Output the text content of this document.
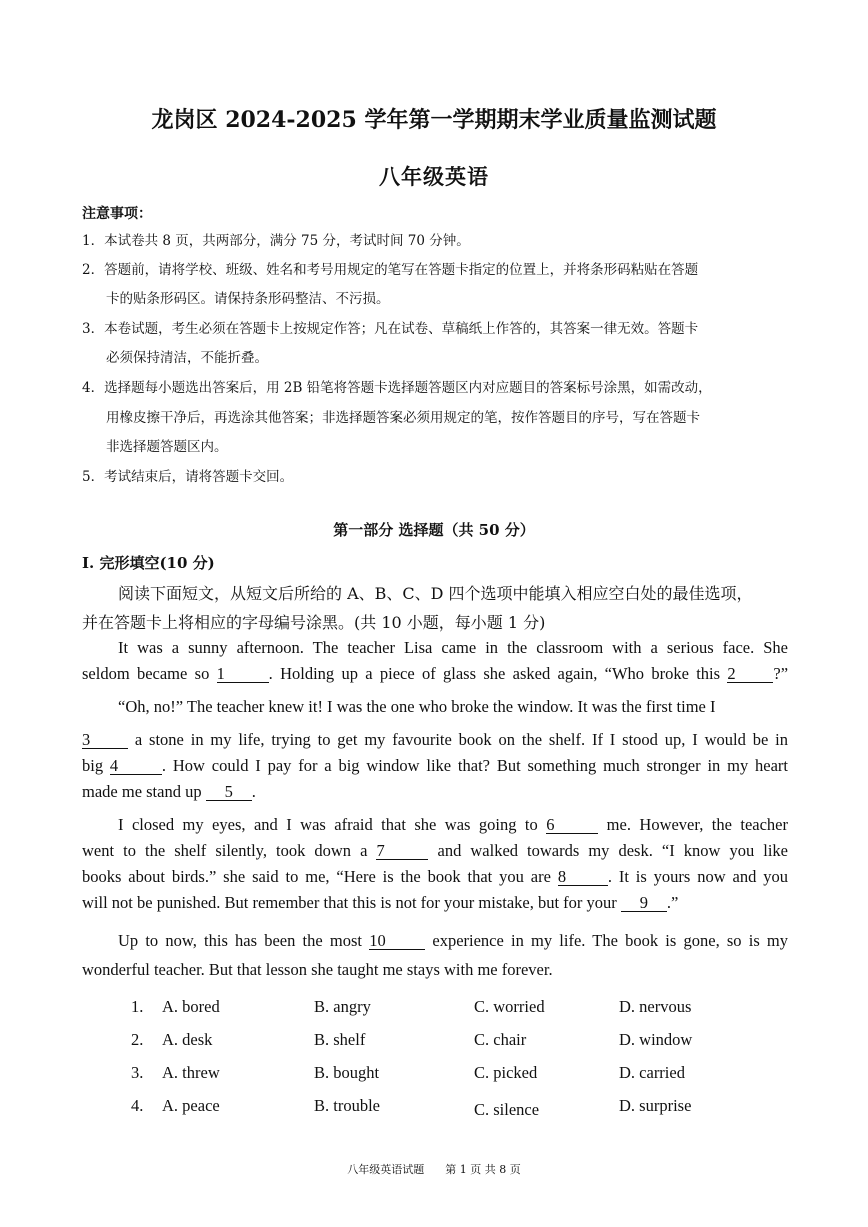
龙岗区 2024-2025 学年第一学期期末学业质量监测试题
八年级英语
注意事项：
1．本试卷共 8 页，共两部分，满分 75 分，考试时间 70 分钟。
2．答题前，请将学校、班级、姓名和考号用规定的笔写在答题卡指定的位置上，并将条形码粘贴在答题
卡的贴条形码区。请保持条形码整洁、不污损。
3．本卷试题，考生必须在答题卡上按规定作答；凡在试卷、草稿纸上作答的，其答案一律无效。答题卡
必须保持清洁，不能折叠。
4．选择题每小题选出答案后，用 2B 铅笔将答题卡选择题答题区内对应题目的答案标号涂黑，如需改动，
用橡皮擦干净后，再选涂其他答案；非选择题答案必须用规定的笔，按作答题目的序号，写在答题卡
非选择题答题区内。
5．考试结束后，请将答题卡交回。
第一部分 选择题（共 50 分）
I. 完形填空(10 分)
阅读下面短文，从短文后所给的 A、B、C、D 四个选项中能填入相应空白处的最佳选项，
并在答题卡上将相应的字母编号涂黑。(共 10 小题，每小题 1 分)
It was a sunny afternoon. The teacher Lisa came in the classroom with a serious face. She
seldom became so 1	. Holding up a piece of glass she asked again, “Who broke this 2 ?”
“Oh, no!” The teacher knew it! I was the one who broke the window. It was the first time I
3	a stone in my life, trying to get my favourite book on the shelf. If I stood up, I would be in
big 4	. How could I pay for a big window like that? But something much stronger in my heart
made me stand up 5 .
I closed my eyes, and I was afraid that she was going to 6	me. However, the teacher
went to the shelf silently, took down a 7	and walked towards my desk. “I know you like
books about birds.” she said to me, “Here is the book that you are 8	. It is yours now and you
will not be punished. But remember that this is not for your mistake, but for your 9 .”
Up to now, this has been the most 10	experience in my life. The book is gone, so is my
wonderful teacher. But that lesson she taught me stays with me forever.
1. A. bored	B. angry	C. worried	D. nervous
2. A. desk	B. shelf	C. chair	D. window
3. A. threw	B. bought	C. picked	D. carried
4. A. peace	B. trouble	C. silence	D. surprise
八年级英语试题      第 1 页 共 8 页
